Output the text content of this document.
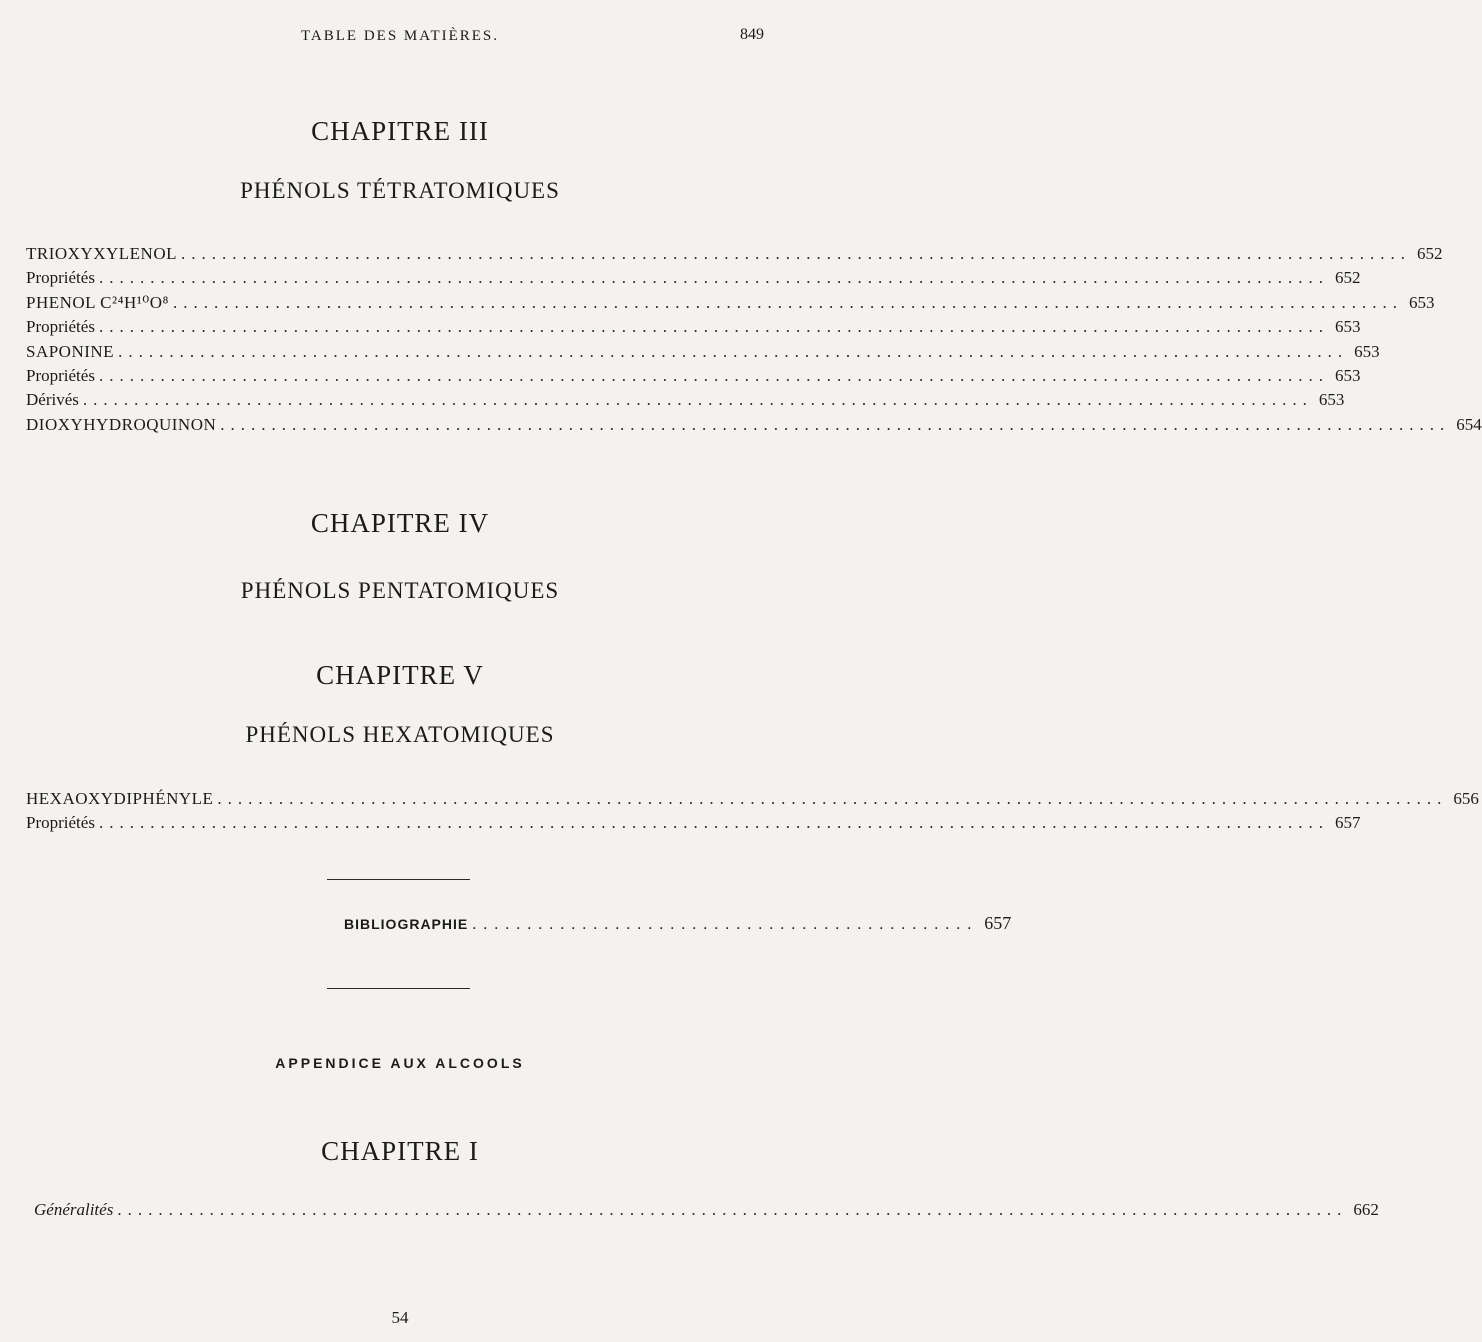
TABLE DES MATIÈRES.	849
CHAPITRE III
PHÉNOLS TÉTRATOMIQUES
TRIOXYXYLENOL ........................................................................................................................ 652
Propriétés ........................................................................................................................ 652
PHENOL C²⁴H¹⁰O⁸ ........................................................................................................................ 653
Propriétés ........................................................................................................................ 653
SAPONINE ........................................................................................................................ 653
Propriétés ........................................................................................................................ 653
Dérivés ........................................................................................................................ 653
DIOXYHYDROQUINON ........................................................................................................................ 654
CHAPITRE IV
PHÉNOLS PENTATOMIQUES
CHAPITRE V
PHÉNOLS HEXATOMIQUES
HEXAOXYDIPHÉNYLE ........................................................................................................................ 656
Propriétés ........................................................................................................................ 657
BIBLIOGRAPHIE .............................................. 657
APPENDICE AUX ALCOOLS
CHAPITRE I
Généralités ........................................................................................................................ 662
54
